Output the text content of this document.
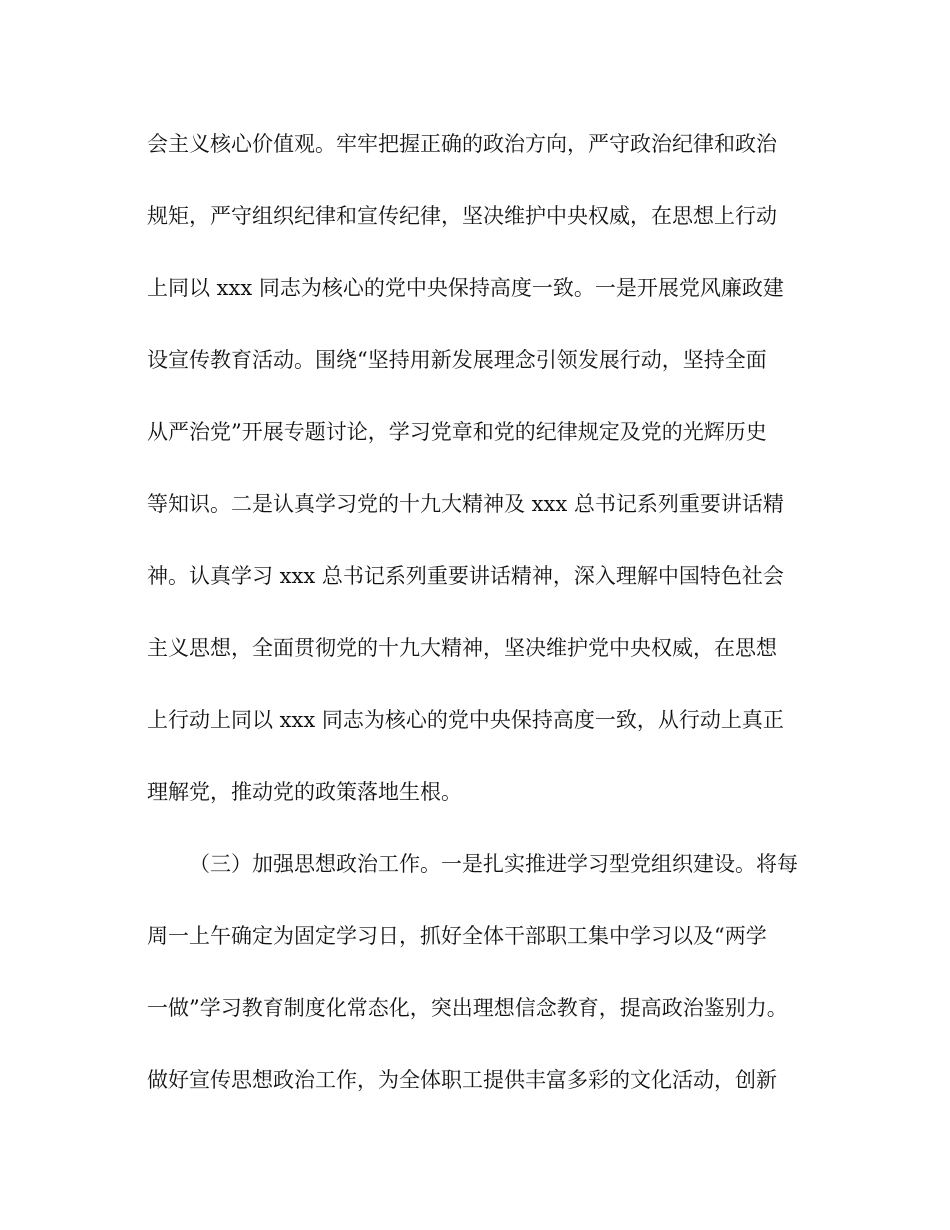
会主义核心价值观。牢牢把握正确的政治方向，严守政治纪律和政治
规矩，严守组织纪律和宣传纪律，坚决维护中央权威，在思想上行动
上同以 xxx 同志为核心的党中央保持高度一致。一是开展党风廉政建
设宣传教育活动。围绕“坚持用新发展理念引领发展行动，坚持全面
从严治党”开展专题讨论，学习党章和党的纪律规定及党的光辉历史
等知识。二是认真学习党的十九大精神及 xxx 总书记系列重要讲话精
神。认真学习 xxx 总书记系列重要讲话精神，深入理解中国特色社会
主义思想，全面贯彻党的十九大精神，坚决维护党中央权威，在思想
上行动上同以 xxx 同志为核心的党中央保持高度一致，从行动上真正
理解党，推动党的政策落地生根。
（三）加强思想政治工作。一是扎实推进学习型党组织建设。将每
周一上午确定为固定学习日，抓好全体干部职工集中学习以及“两学
一做”学习教育制度化常态化，突出理想信念教育，提高政治鉴别力。
做好宣传思想政治工作，为全体职工提供丰富多彩的文化活动，创新
